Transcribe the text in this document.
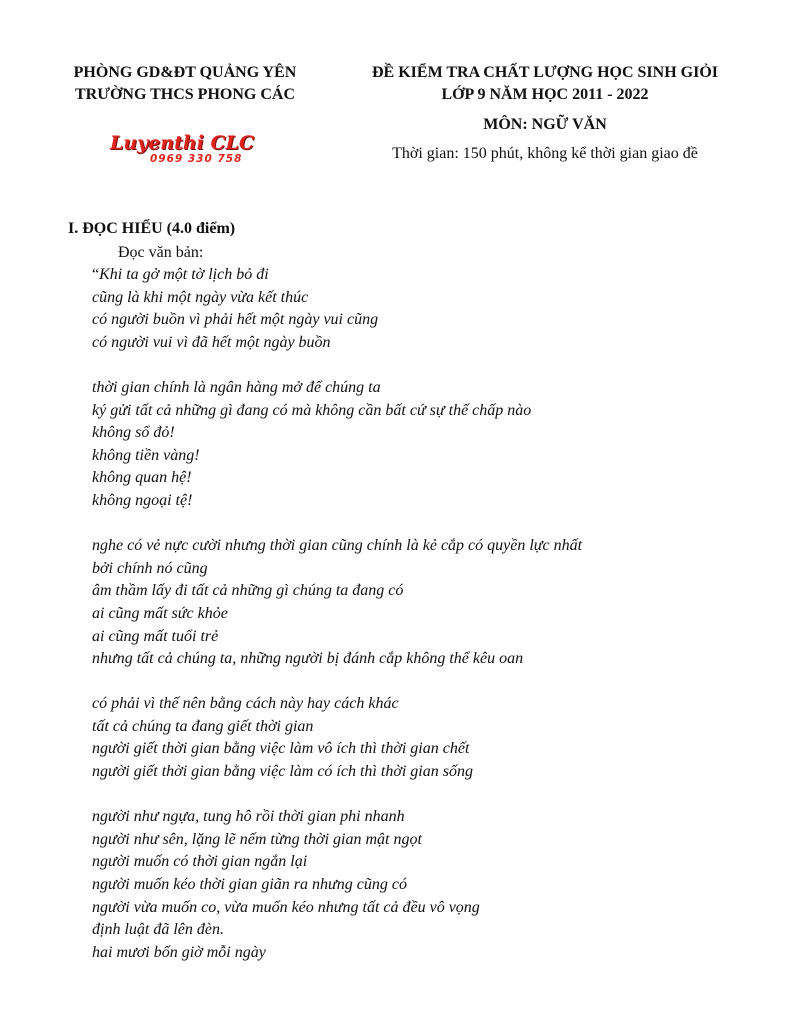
PHÒNG GD&ĐT QUẢNG YÊN
TRƯỜNG THCS PHONG CÁC
ĐỀ KIỂM TRA CHẤT LƯỢNG HỌC SINH GIỎI
LỚP 9 NĂM HỌC 2011 - 2022
MÔN: NGỮ VĂN
Thời gian: 150 phút, không kể thời gian giao đề
Luyenthi CLC
0969 330 758
I. ĐỌC HIỂU (4.0 điểm)
Đọc văn bản:
“Khi ta gở một tờ lịch bỏ đi
cũng là khi một ngày vừa kết thúc
có người buồn vì phải hết một ngày vui cũng
có người vui vì đã hết một ngày buồn
thời gian chính là ngân hàng mở để chúng ta
ký gửi tất cả những gì đang có mà không cần bất cứ sự thế chấp nào
không sổ đỏ!
không tiền vàng!
không quan hệ!
không ngoại tệ!
nghe có vẻ nực cười nhưng thời gian cũng chính là kẻ cắp có quyền lực nhất
bởi chính nó cũng
âm thầm lấy đi tất cả những gì chúng ta đang có
ai cũng mất sức khỏe
ai cũng mất tuổi trẻ
nhưng tất cả chúng ta, những người bị đánh cắp không thể kêu oan
có phải vì thế nên bằng cách này hay cách khác
tất cả chúng ta đang giết thời gian
người giết thời gian bằng việc làm vô ích thì thời gian chết
người giết thời gian bằng việc làm có ích thì thời gian sống
người như ngựa, tung hô rồi thời gian phi nhanh
người như sên, lặng lẽ nếm từng thời gian mật ngọt
người muốn có thời gian ngắn lại
người muốn kéo thời gian giãn ra nhưng cũng có
người vừa muốn co, vừa muốn kéo nhưng tất cả đều vô vọng
định luật đã lên đèn.
hai mươi bốn giờ mỗi ngày
